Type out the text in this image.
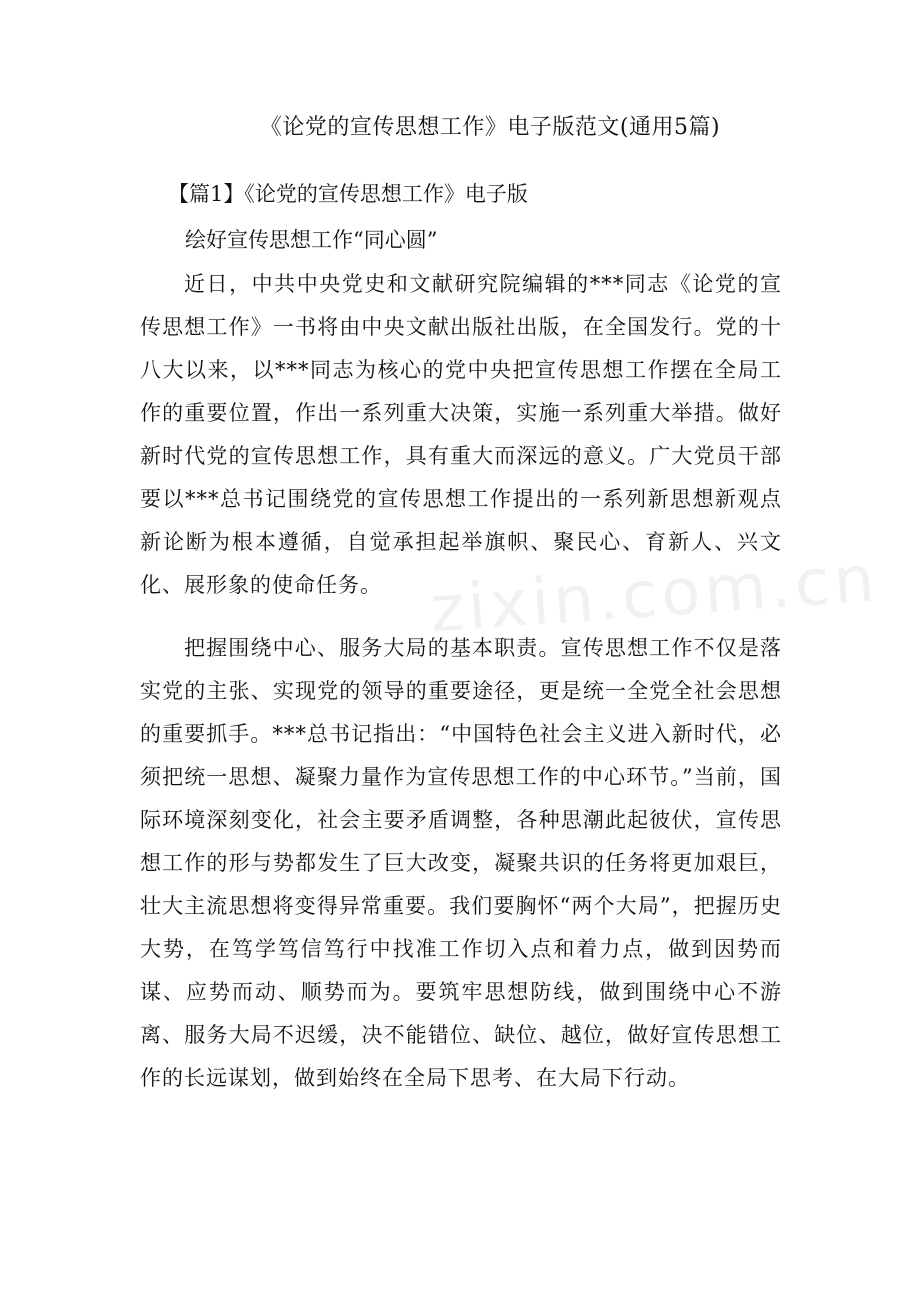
《论党的宣传思想工作》电子版范文(通用5篇)
【篇1】《论党的宣传思想工作》电子版

绘好宣传思想工作“同心圆”

近日，中共中央党史和文献研究院编辑的***同志《论党的宣传思想工作》一书将由中央文献出版社出版，在全国发行。党的十八大以来，以***同志为核心的党中央把宣传思想工作摆在全局工作的重要位置，作出一系列重大决策，实施一系列重大举措。做好新时代党的宣传思想工作，具有重大而深远的意义。广大党员干部要以***总书记围绕党的宣传思想工作提出的一系列新思想新观点新论断为根本遵循，自觉承担起举旗帜、聚民心、育新人、兴文化、展形象的使命任务。

把握围绕中心、服务大局的基本职责。宣传思想工作不仅是落实党的主张、实现党的领导的重要途径，更是统一全党全社会思想的重要抓手。***总书记指出：“中国特色社会主义进入新时代，必须把统一思想、凝聚力量作为宣传思想工作的中心环节。”当前，国际环境深刻变化，社会主要矛盾调整，各种思潮此起彼伏，宣传思想工作的形与势都发生了巨大改变，凝聚共识的任务将更加艰巨，壮大主流思想将变得异常重要。我们要胸怀“两个大局”，把握历史大势，在笃学笃信笃行中找准工作切入点和着力点，做到因势而谋、应势而动、顺势而为。要筑牢思想防线，做到围绕中心不游离、服务大局不迟缓，决不能错位、缺位、越位，做好宣传思想工作的长远谋划，做到始终在全局下思考、在大局下行动。

zixin.com.cn
